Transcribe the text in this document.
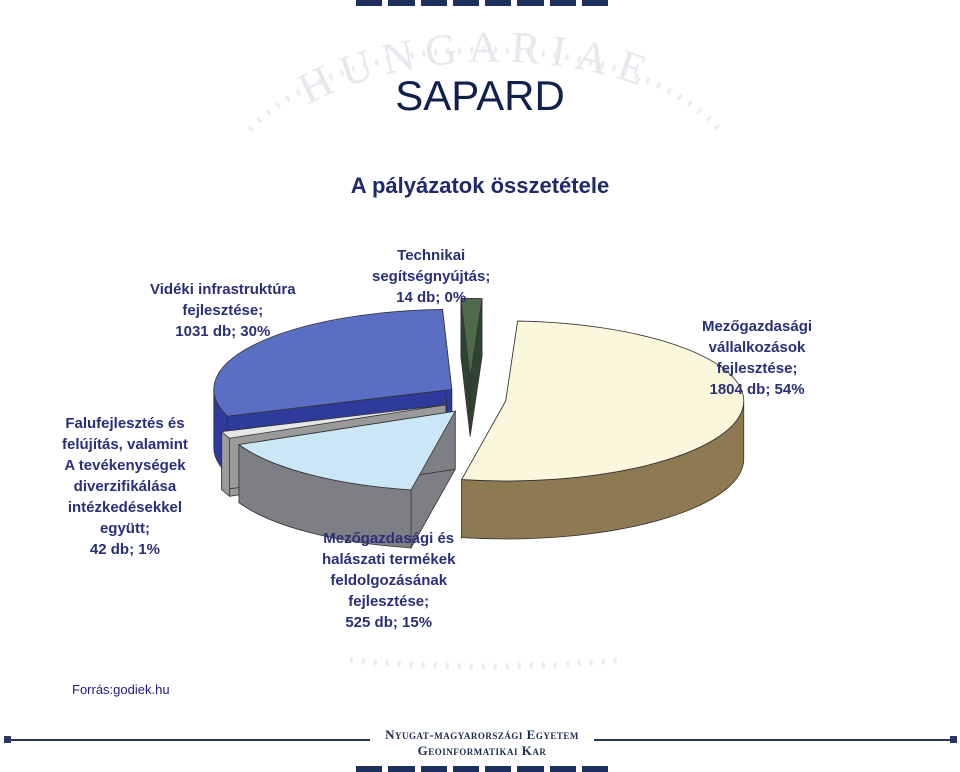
HUNGARIAE
SAPARD
A pályázatok összetétele
Mezőgazdasági
vállalkozások
fejlesztése;
1804 db; 54%
Mezőgazdasági és
halászati termékek
feldolgozásának
fejlesztése;
525 db; 15%
Falufejlesztés és
felújítás, valamint
A tevékenységek
diverzifikálása
intézkedésekkel
együtt;
42 db; 1%
Vidéki infrastruktúra
fejlesztése;
1031 db; 30%
Technikai
segítségnyújtás;
14 db; 0%
Forrás:godiek.hu
Nyugat-magyarországi Egyetem
Geoinformatikai Kar
